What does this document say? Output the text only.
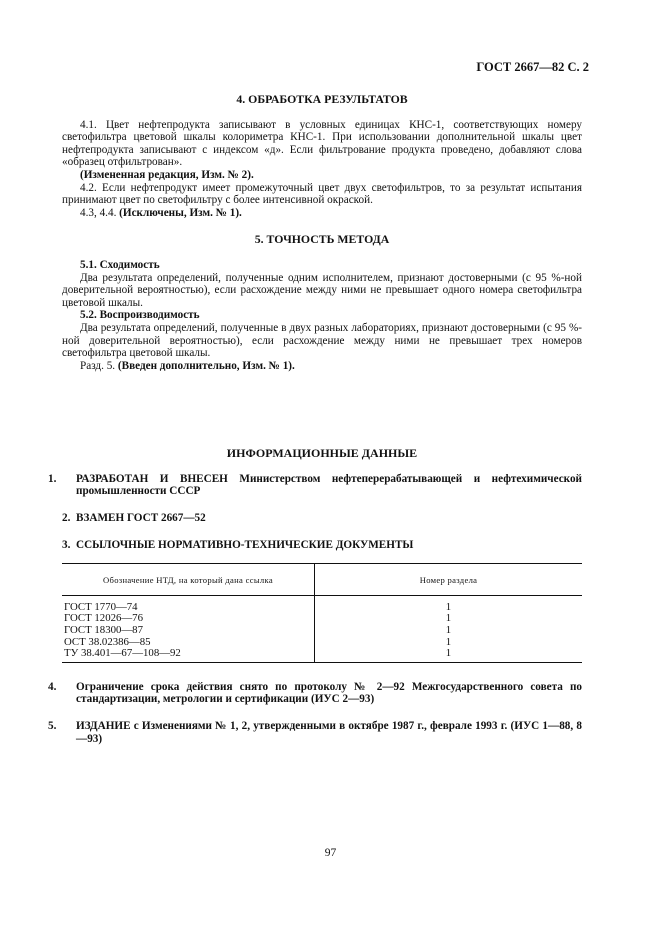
ГОСТ 2667—82 С. 2

4. ОБРАБОТКА РЕЗУЛЬТАТОВ

4.1. Цвет нефтепродукта записывают в условных единицах КНС-1, соответствующих номеру светофильтра цветовой шкалы колориметра КНС-1. При использовании дополнительной шкалы цвет нефтепродукта записывают с индексом «д». Если фильтрование продукта проведено, добавляют слова «образец отфильтрован».

(Измененная редакция, Изм. № 2).

4.2. Если нефтепродукт имеет промежуточный цвет двух светофильтров, то за результат испытания принимают цвет по светофильтру с более интенсивной окраской.

4.3, 4.4. (Исключены, Изм. № 1).

5. ТОЧНОСТЬ МЕТОДА

5.1. Сходимость

Два результата определений, полученные одним исполнителем, признают достоверными (с 95 %-ной доверительной вероятностью), если расхождение между ними не превышает одного номера светофильтра цветовой шкалы.

5.2. Воспроизводимость

Два результата определений, полученные в двух разных лабораториях, признают достоверными (с 95 %-ной доверительной вероятностью), если расхождение между ними не превышает трех номеров светофильтра цветовой шкалы.

Разд. 5. (Введен дополнительно, Изм. № 1).

ИНФОРМАЦИОННЫЕ ДАННЫЕ

1. РАЗРАБОТАН И ВНЕСЕН Министерством нефтеперерабатывающей и нефтехимической промышленности СССР

2. ВЗАМЕН ГОСТ 2667—52

3. ССЫЛОЧНЫЕ НОРМАТИВНО-ТЕХНИЧЕСКИЕ ДОКУМЕНТЫ

Обозначение НТД, на который дана ссылка	Номер раздела
ГОСТ 1770—74	1
ГОСТ 12026—76	1
ГОСТ 18300—87	1
ОСТ 38.02386—85	1
ТУ 38.401—67—108—92	1

4. Ограничение срока действия снято по протоколу № 2—92 Межгосударственного совета по стандартизации, метрологии и сертификации (ИУС 2—93)

5. ИЗДАНИЕ с Изменениями № 1, 2, утвержденными в октябре 1987 г., феврале 1993 г. (ИУС 1—88, 8—93)

97
